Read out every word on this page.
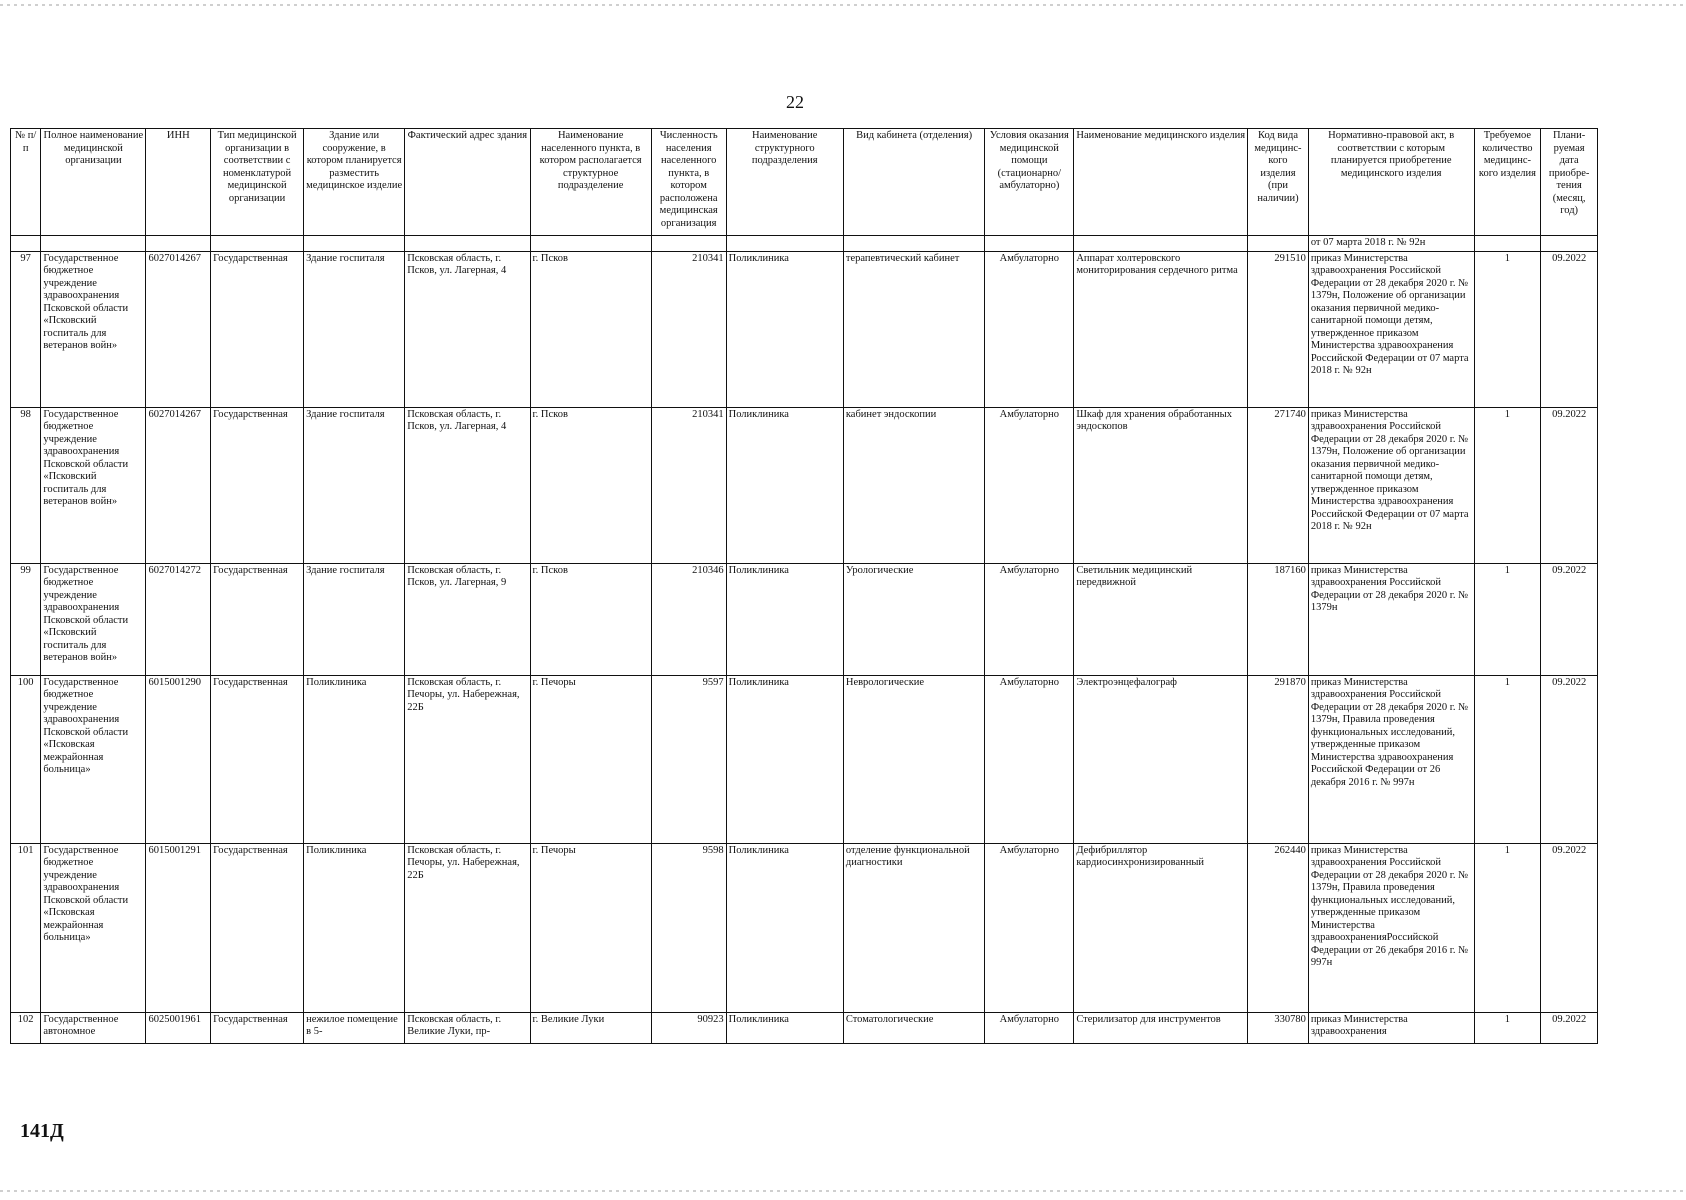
22
№ п/п	Полное наименование медицинской организации	ИНН	Тип медицинской организации в соответствии с номенклатурой медицинской организации	Здание или сооружение, в котором планируется разместить медицинское изделие	Фактический адрес здания	Наименование населенного пункта, в котором располагается структурное подразделение	Численность населения населенного пункта, в котором расположена медицинская организация	Наименование структурного подразделения	Вид кабинета (отделения)	Условия оказания медицинской помощи (стационарно/ амбулаторно)	Наименование медицинского изделия	Код вида медицинс-кого изделия (при наличии)	Нормативно-правовой акт, в соответствии с которым планируется приобретение медицинского изделия	Требуемое количество медицинс-кого изделия	Плани-руемая дата приобре-тения (месяц, год)
													от 07 марта 2018 г. № 92н		
97	Государственное бюджетное учреждение здравоохранения Псковской области «Псковский госпиталь для ветеранов войн»	6027014267	Государственная	Здание госпиталя	Псковская область, г. Псков, ул. Лагерная, 4	г. Псков	210341	Поликлиника	терапевтический кабинет	Амбулаторно	Аппарат холтеровского мониторирования сердечного ритма	291510	приказ Министерства здравоохранения Российской Федерации от 28 декабря 2020 г. № 1379н, Положение об организации оказания первичной медико-санитарной помощи детям, утвержденное приказом Министерства здравоохранения Российской Федерации от 07 марта 2018 г. № 92н	1	09.2022
98	Государственное бюджетное учреждение здравоохранения Псковской области «Псковский госпиталь для ветеранов войн»	6027014267	Государственная	Здание госпиталя	Псковская область, г. Псков, ул. Лагерная, 4	г. Псков	210341	Поликлиника	кабинет эндоскопии	Амбулаторно	Шкаф для хранения обработанных эндоскопов	271740	приказ Министерства здравоохранения Российской Федерации от 28 декабря 2020 г. № 1379н, Положение об организации оказания первичной медико-санитарной помощи детям, утвержденное приказом Министерства здравоохранения Российской Федерации от 07 марта 2018 г. № 92н	1	09.2022
99	Государственное бюджетное учреждение здравоохранения Псковской области «Псковский госпиталь для ветеранов войн»	6027014272	Государственная	Здание госпиталя	Псковская область, г. Псков, ул. Лагерная, 9	г. Псков	210346	Поликлиника	Урологические	Амбулаторно	Светильник медицинский передвижной	187160	приказ Министерства здравоохранения Российской Федерации от 28 декабря 2020 г. № 1379н	1	09.2022
100	Государственное бюджетное учреждение здравоохранения Псковской области «Псковская межрайонная больница»	6015001290	Государственная	Поликлиника	Псковская область, г. Печоры, ул. Набережная, 22Б	г. Печоры	9597	Поликлиника	Неврологические	Амбулаторно	Электроэнцефалограф	291870	приказ Министерства здравоохранения Российской Федерации от 28 декабря 2020 г. № 1379н, Правила проведения функциональных исследований, утвержденные приказом Министерства здравоохранения Российской Федерации от 26 декабря 2016 г. № 997н	1	09.2022
101	Государственное бюджетное учреждение здравоохранения Псковской области «Псковская межрайонная больница»	6015001291	Государственная	Поликлиника	Псковская область, г. Печоры, ул. Набережная, 22Б	г. Печоры	9598	Поликлиника	отделение функциональной диагностики	Амбулаторно	Дефибриллятор кардиосинхронизированный	262440	приказ Министерства здравоохранения Российской Федерации от 28 декабря 2020 г. № 1379н, Правила проведения функциональных исследований, утвержденные приказом Министерства здравоохраненияРоссийской Федерации от 26 декабря 2016 г. № 997н	1	09.2022
102	Государственное автономное	6025001961	Государственная	нежилое помещение в 5-	Псковская область, г. Великие Луки, пр-	г. Великие Луки	90923	Поликлиника	Стоматологические	Амбулаторно	Стерилизатор для инструментов	330780	приказ Министерства здравоохранения	1	09.2022
141Д
